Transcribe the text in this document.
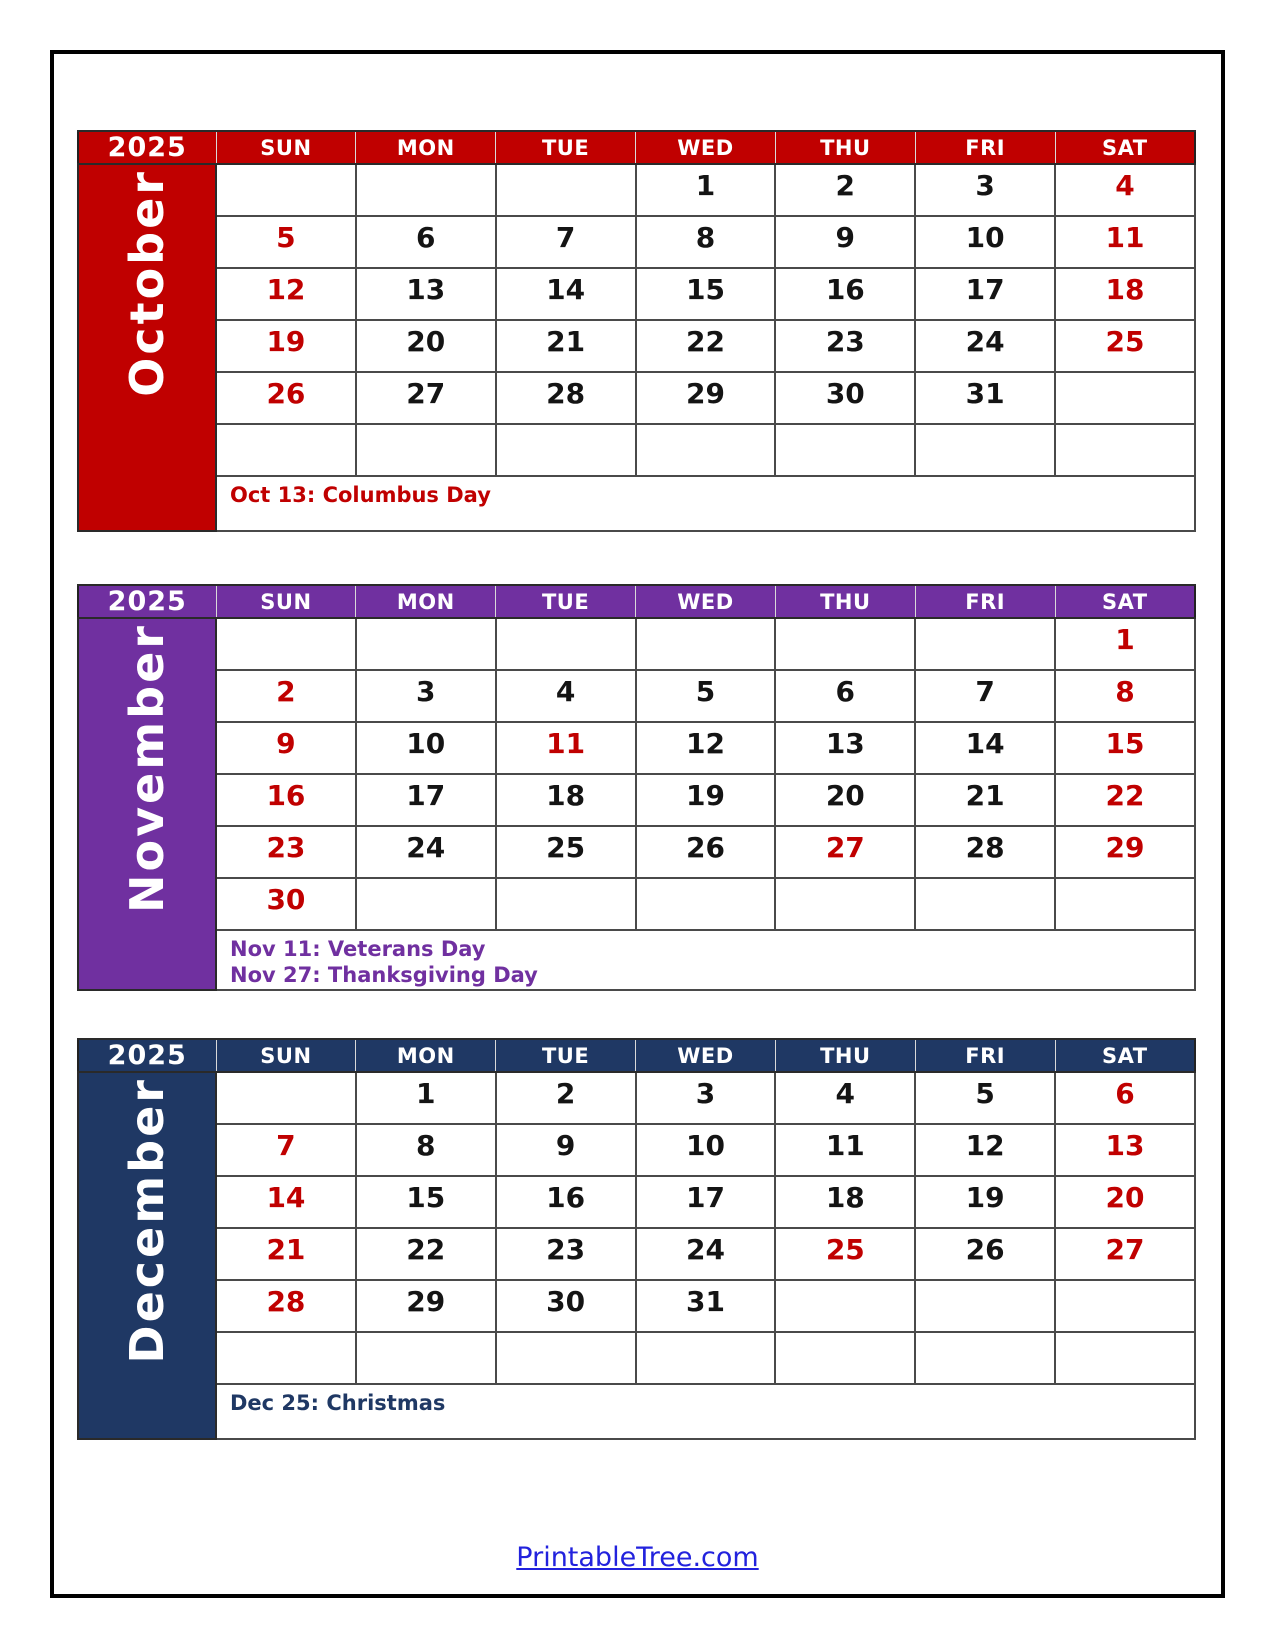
2025	SUN	MON	TUE	WED	THU	FRI	SAT
October				1	2	3	4
	5	6	7	8	9	10	11
	12	13	14	15	16	17	18
	19	20	21	22	23	24	25
	26	27	28	29	30	31	

	Oct 13: Columbus Day						
2025	SUN	MON	TUE	WED	THU	FRI	SAT
November							1
	2	3	4	5	6	7	8
	9	10	11	12	13	14	15
	16	17	18	19	20	21	22
	23	24	25	26	27	28	29
	30						

	Nov 11: Veterans Day
Nov 27: Thanksgiving Day						
2025	SUN	MON	TUE	WED	THU	FRI	SAT
December		1	2	3	4	5	6
	7	8	9	10	11	12	13
	14	15	16	17	18	19	20
	21	22	23	24	25	26	27
	28	29	30	31			

	Dec 25: Christmas						
PrintableTree.com
